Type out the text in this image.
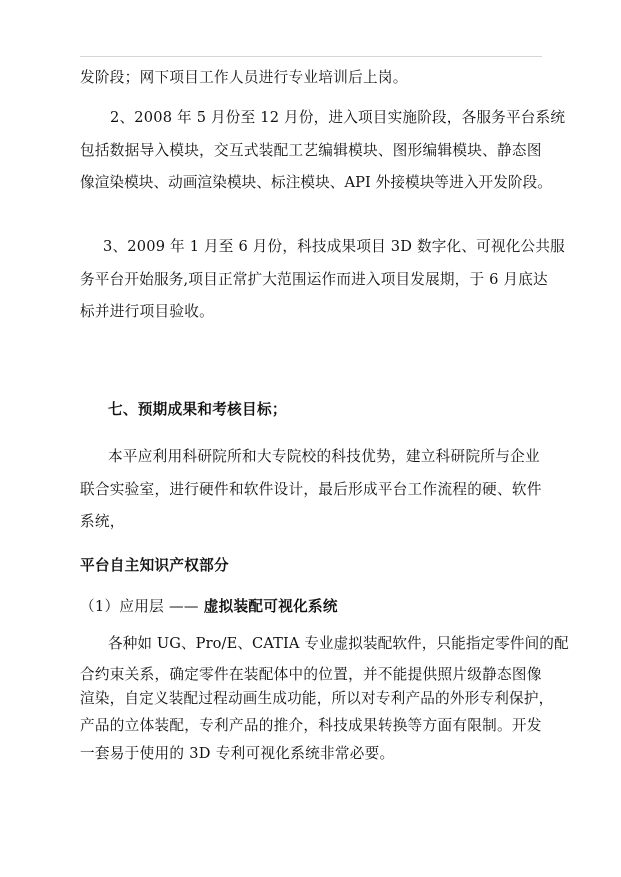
发阶段；网下项目工作人员进行专业培训后上岗。
2、2008 年 5 月份至 12 月份，进入项目实施阶段，各服务平台系统
包括数据导入模块，交互式装配工艺编辑模块、图形编辑模块、静态图
像渲染模块、动画渲染模块、标注模块、API 外接模块等进入开发阶段。
3、2009 年 1 月至 6 月份，科技成果项目 3D 数字化、可视化公共服
务平台开始服务,项目正常扩大范围运作而进入项目发展期，于 6 月底达
标并进行项目验收。
七、预期成果和考核目标；
本平应利用科研院所和大专院校的科技优势，建立科研院所与企业
联合实验室，进行硬件和软件设计，最后形成平台工作流程的硬、软件
系统，
平台自主知识产权部分
（1）应用层 —— 虚拟装配可视化系统
各种如 UG、Pro/E、CATIA 专业虚拟装配软件，只能指定零件间的配
合约束关系，确定零件在装配体中的位置，并不能提供照片级静态图像
渲染，自定义装配过程动画生成功能，所以对专利产品的外形专利保护，
产品的立体装配，专利产品的推介，科技成果转换等方面有限制。开发
一套易于使用的 3D 专利可视化系统非常必要。
